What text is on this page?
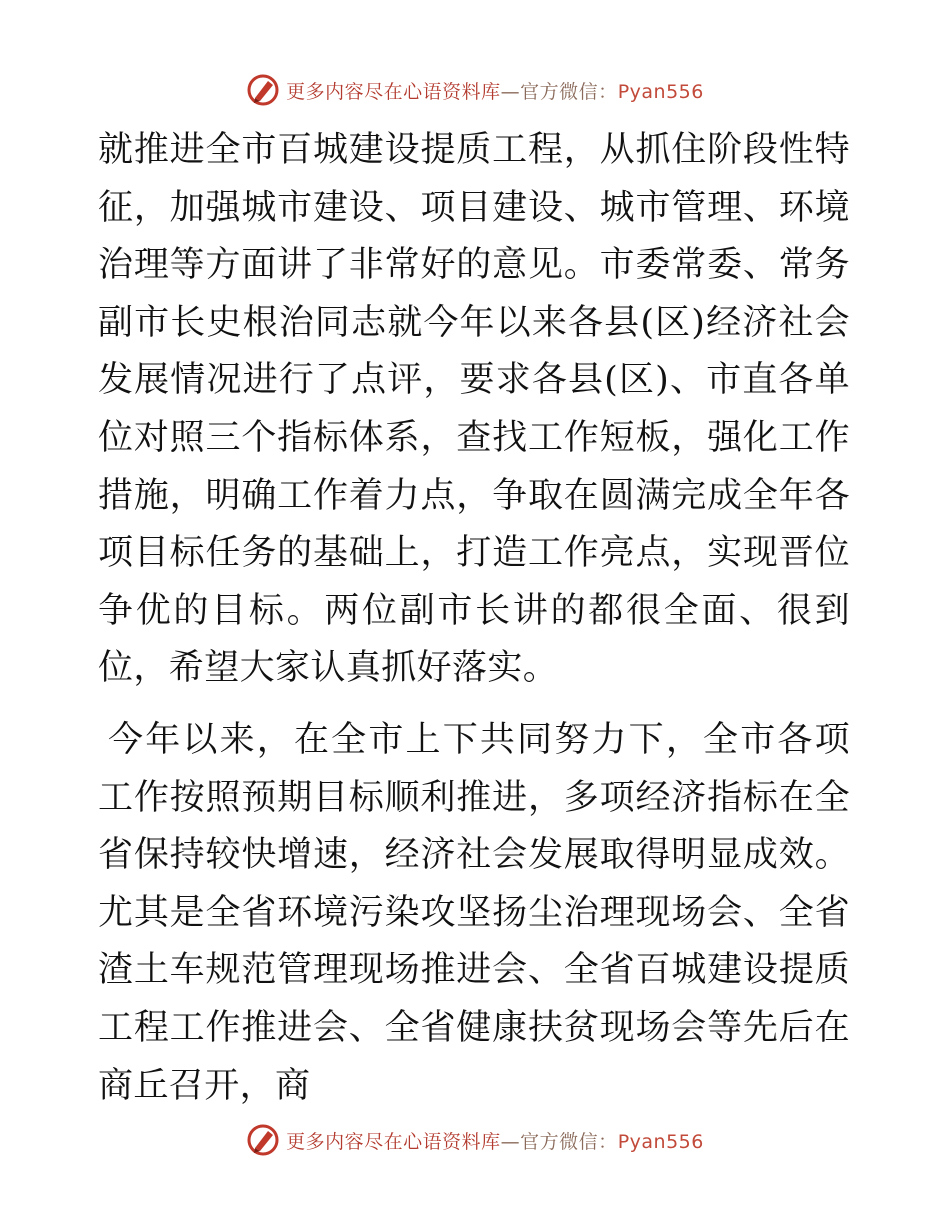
更多内容尽在心语资料库—官方微信：Pyan556

就推进全市百城建设提质工程，从抓住阶段性特征，加强城市建设、项目建设、城市管理、环境治理等方面讲了非常好的意见。市委常委、常务副市长史根治同志就今年以来各县(区)经济社会发展情况进行了点评，要求各县(区)、市直各单位对照三个指标体系，查找工作短板，强化工作措施，明确工作着力点，争取在圆满完成全年各项目标任务的基础上，打造工作亮点，实现晋位争优的目标。两位副市长讲的都很全面、很到位，希望大家认真抓好落实。

今年以来，在全市上下共同努力下，全市各项工作按照预期目标顺利推进，多项经济指标在全省保持较快增速，经济社会发展取得明显成效。尤其是全省环境污染攻坚扬尘治理现场会、全省渣土车规范管理现场推进会、全省百城建设提质工程工作推进会、全省健康扶贫现场会等先后在商丘召开，商

更多内容尽在心语资料库—官方微信：Pyan556
